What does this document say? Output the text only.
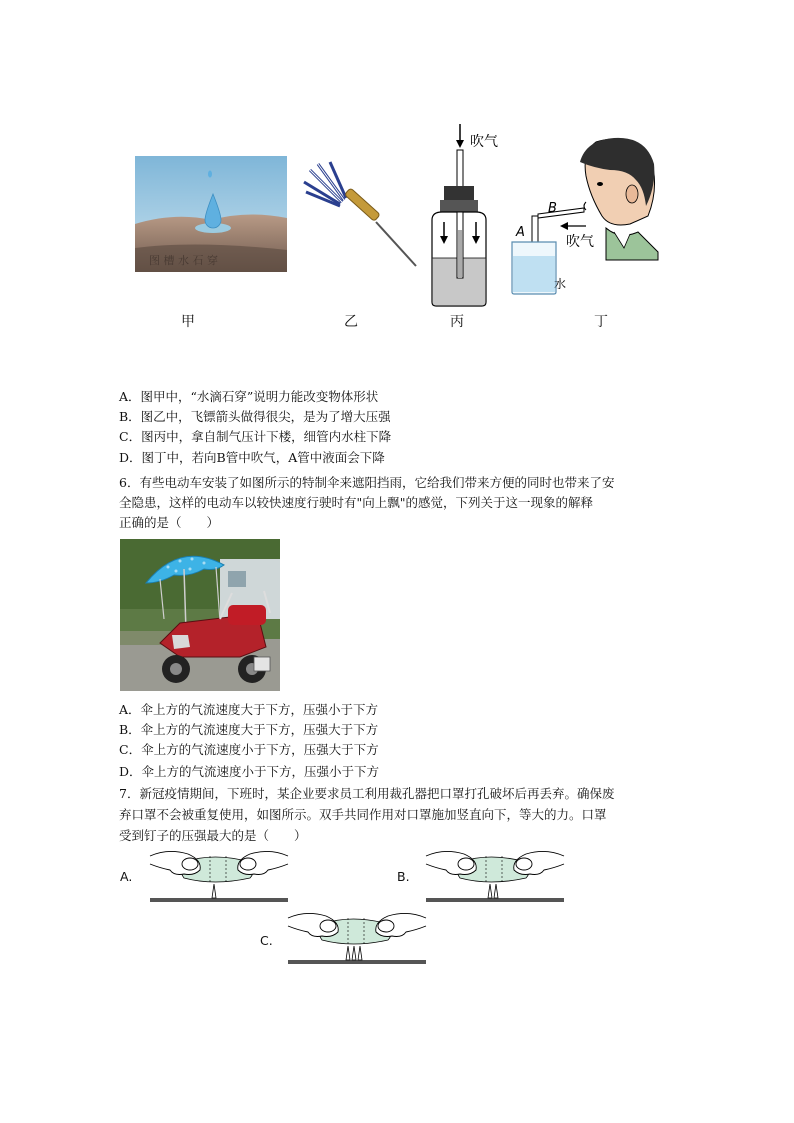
图 槽 水 石 穿
吹气
B
吹气
A
水
甲	乙	丙	丁
A．图甲中，“水滴石穿”说明力能改变物体形状
B．图乙中，飞镖箭头做得很尖，是为了增大压强
C．图丙中，拿自制气压计下楼，细管内水柱下降
D．图丁中，若向B管中吹气，A管中液面会下降
6．有些电动车安装了如图所示的特制伞来遮阳挡雨，它给我们带来方便的同时也带来了安
全隐患，这样的电动车以较快速度行驶时有"向上飘"的感觉，下列关于这一现象的解释
正确的是（　　）
A．伞上方的气流速度大于下方，压强小于下方
B．伞上方的气流速度大于下方，压强大于下方
C．伞上方的气流速度小于下方，压强大于下方
D．伞上方的气流速度小于下方，压强小于下方
7．新冠疫情期间，下班时，某企业要求员工利用裁孔器把口罩打孔破坏后再丢弃。确保废
弃口罩不会被重复使用，如图所示。双手共同作用对口罩施加竖直向下，等大的力。口罩
受到钉子的压强最大的是（　　）
A.	B.
C.
